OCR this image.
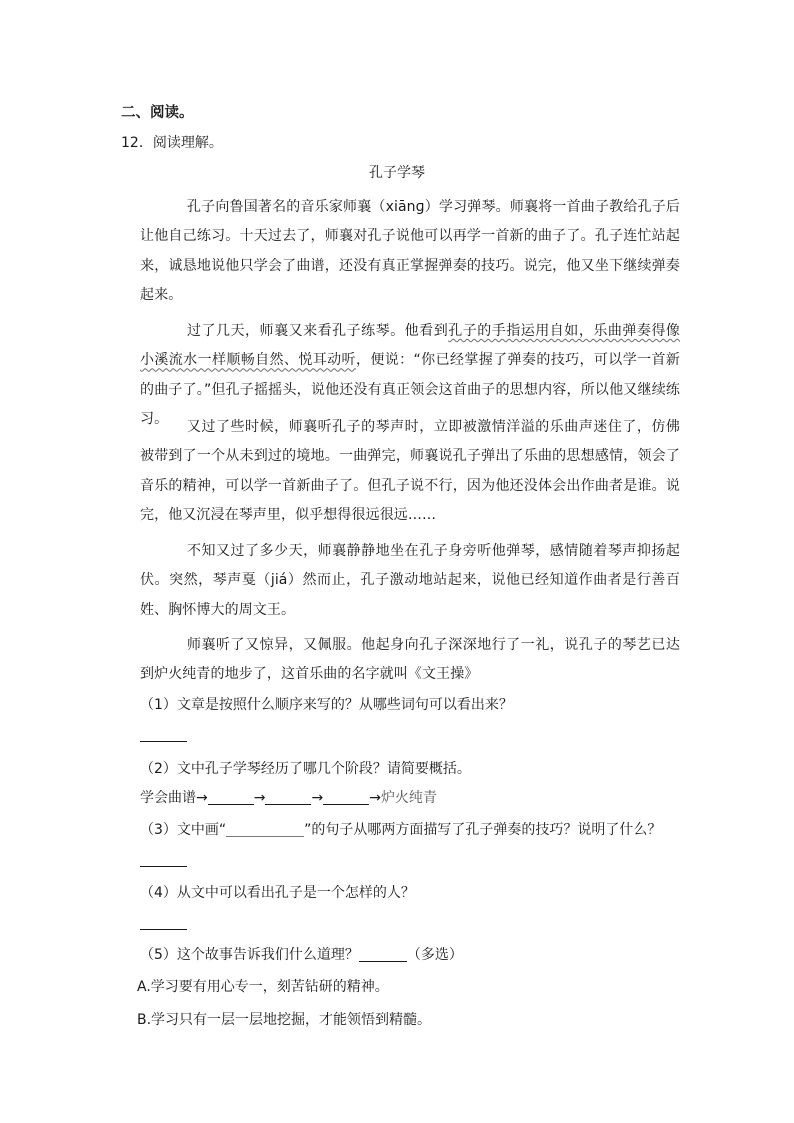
二、阅读。
12．阅读理解。
孔子学琴
孔子向鲁国著名的音乐家师襄（xiānɡ）学习弹琴。师襄将一首曲子教给孔子后让他自己练习。十天过去了，师襄对孔子说他可以再学一首新的曲子了。孔子连忙站起来，诚恳地说他只学会了曲谱，还没有真正掌握弹奏的技巧。说完，他又坐下继续弹奏起来。
过了几天，师襄又来看孔子练琴。他看到孔子的手指运用自如，乐曲弹奏得像小溪流水一样顺畅自然、悦耳动听，便说：“你已经掌握了弹奏的技巧，可以学一首新的曲子了。”但孔子摇摇头，说他还没有真正领会这首曲子的思想内容，所以他又继续练习。	又过了些时候，师襄听孔子的琴声时，立即被激情洋溢的乐曲声迷住了，仿佛被带到了一个从未到过的境地。一曲弹完，师襄说孔子弹出了乐曲的思想感情，领会了音乐的精神，可以学一首新曲子了。但孔子说不行，因为他还没体会出作曲者是谁。说完，他又沉浸在琴声里，似乎想得很远很远……
不知又过了多少天，师襄静静地坐在孔子身旁听他弹琴，感情随着琴声抑扬起伏。突然，琴声戛（jiá）然而止，孔子激动地站起来，说他已经知道作曲者是行善百姓、胸怀博大的周文王。
师襄听了又惊异，又佩服。他起身向孔子深深地行了一礼，说孔子的琴艺已达到炉火纯青的地步了，这首乐曲的名字就叫《文王操》
（1）文章是按照什么顺序来写的？从哪些词句可以看出来？
（2）文中孔子学琴经历了哪几个阶段？请简要概括。
学会曲谱→	→	→	→炉火纯青
（3）文中画“	”的句子从哪两方面描写了孔子弹奏的技巧？说明了什么？
（4）从文中可以看出孔子是一个怎样的人？
（5）这个故事告诉我们什么道理？	（多选）
A.学习要有用心专一，刻苦钻研的精神。
B.学习只有一层一层地挖掘，才能领悟到精髓。
